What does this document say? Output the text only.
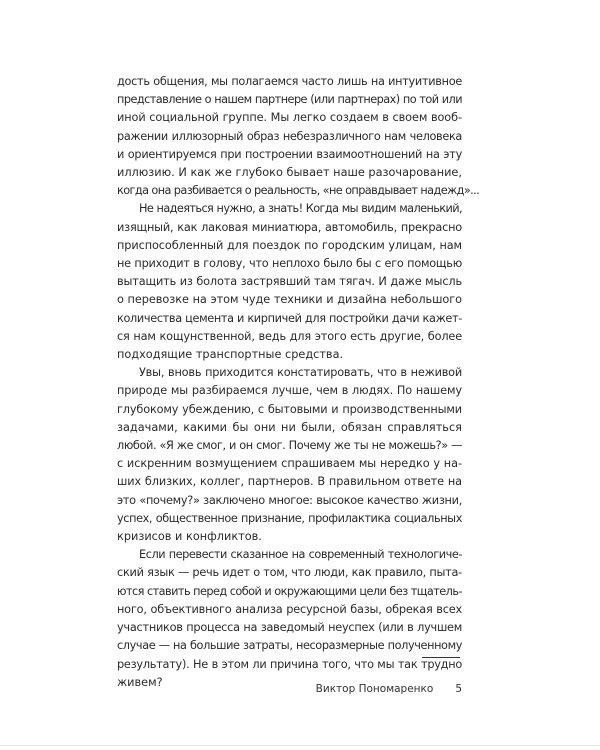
дость общения, мы полагаемся часто лишь на интуитивное
представление о нашем партнере (или партнерах) по той или
иной социальной группе. Мы легко создаем в своем вооб-
ражении иллюзорный образ небезразличного нам человека
и ориентируемся при построении взаимоотношений на эту
иллюзию. И как же глубоко бывает наше разочарование,
когда она разбивается о реальность, «не оправдывает надежд»...
Не надеяться нужно, а знать! Когда мы видим маленький,
изящный, как лаковая миниатюра, автомобиль, прекрасно
приспособленный для поездок по городским улицам, нам
не приходит в голову, что неплохо было бы с его помощью
вытащить из болота застрявший там тягач. И даже мысль
о перевозке на этом чуде техники и дизайна небольшого
количества цемента и кирпичей для постройки дачи кажет-
ся нам кощунственной, ведь для этого есть другие, более
подходящие транспортные средства.
Увы, вновь приходится констатировать, что в неживой
природе мы разбираемся лучше, чем в людях. По нашему
глубокому убеждению, с бытовыми и производственными
задачами, какими бы они ни были, обязан справляться
любой. «Я же смог, и он смог. Почему же ты не можешь?» —
с искренним возмущением спрашиваем мы нередко у на-
ших близких, коллег, партнеров. В правильном ответе на
это «почему?» заключено многое: высокое качество жизни,
успех, общественное признание, профилактика социальных
кризисов и конфликтов.
Если перевести сказанное на современный технологиче-
ский язык — речь идет о том, что люди, как правило, пыта-
ются ставить перед собой и окружающими цели без тщатель-
ного, объективного анализа ресурсной базы, обрекая всех
участников процесса на заведомый неуспех (или в лучшем
случае — на большие затраты, несоразмерные полученному
результату). Не в этом ли причина того, что мы так трудно
живем?
Виктор Пономаренко 5
